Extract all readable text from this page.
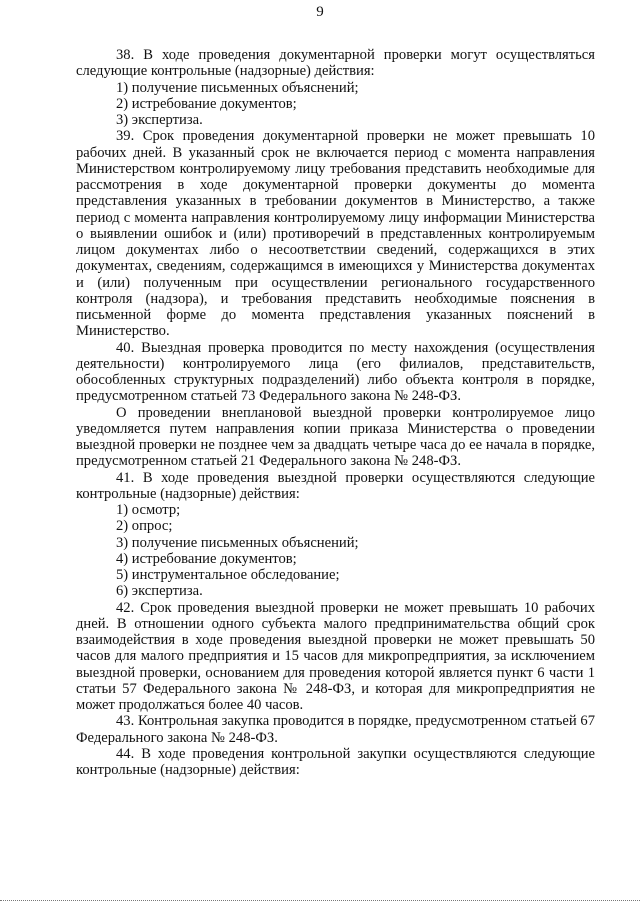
9

38. В ходе проведения документарной проверки могут осуществляться следующие контрольные (надзорные) действия:

1) получение письменных объяснений;

2) истребование документов;

3) экспертиза.

39. Срок проведения документарной проверки не может превышать 10 рабочих дней. В указанный срок не включается период с момента направления Министерством контролируемому лицу требования представить необходимые для рассмотрения в ходе документарной проверки документы до момента представления указанных в требовании документов в Министерство, а также период с момента направления контролируемому лицу информации Министерства о выявлении ошибок и (или) противоречий в представленных контролируемым лицом документах либо о несоответствии сведений, содержащихся в этих документах, сведениям, содержащимся в имеющихся у Министерства документах и (или) полученным при осуществлении регионального государственного контроля (надзора), и требования представить необходимые пояснения в письменной форме до момента представления указанных пояснений в Министерство.

40. Выездная проверка проводится по месту нахождения (осуществления деятельности) контролируемого лица (его филиалов, представительств, обособленных структурных подразделений) либо объекта контроля в порядке, предусмотренном статьей 73 Федерального закона № 248-ФЗ.

О проведении внеплановой выездной проверки контролируемое лицо уведомляется путем направления копии приказа Министерства о проведении выездной проверки не позднее чем за двадцать четыре часа до ее начала в порядке, предусмотренном статьей 21 Федерального закона № 248-ФЗ.

41. В ходе проведения выездной проверки осуществляются следующие контрольные (надзорные) действия:

1) осмотр;

2) опрос;

3) получение письменных объяснений;

4) истребование документов;

5) инструментальное обследование;

6) экспертиза.

42. Срок проведения выездной проверки не может превышать 10 рабочих дней. В отношении одного субъекта малого предпринимательства общий срок взаимодействия в ходе проведения выездной проверки не может превышать 50 часов для малого предприятия и 15 часов для микропредприятия, за исключением выездной проверки, основанием для проведения которой является пункт 6 части 1 статьи 57 Федерального закона № 248-ФЗ, и которая для микропредприятия не может продолжаться более 40 часов.

43. Контрольная закупка проводится в порядке, предусмотренном статьей 67 Федерального закона № 248-ФЗ.

44. В ходе проведения контрольной закупки осуществляются следующие контрольные (надзорные) действия:
